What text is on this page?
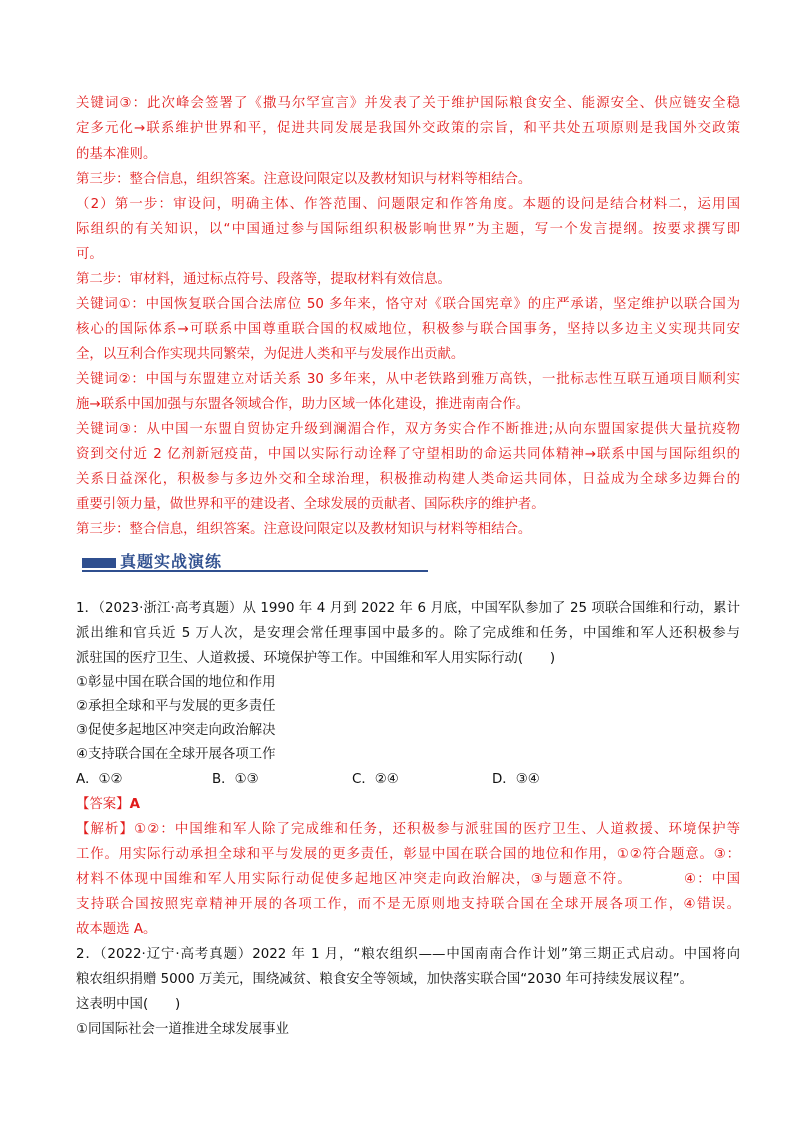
关键词③：此次峰会签署了《撒马尔罕宣言》并发表了关于维护国际粮食安全、能源安全、供应链安全稳
定多元化→联系维护世界和平，促进共同发展是我国外交政策的宗旨，和平共处五项原则是我国外交政策
的基本准则。
第三步：整合信息，组织答案。注意设问限定以及教材知识与材料等相结合。
（2）第一步：审设问，明确主体、作答范围、问题限定和作答角度。本题的设问是结合材料二，运用国
际组织的有关知识，以“中国通过参与国际组织积极影响世界”为主题，写一个发言提纲。按要求撰写即
可。
第二步：审材料，通过标点符号、段落等，提取材料有效信息。
关键词①：中国恢复联合国合法席位 50 多年来，恪守对《联合国宪章》的庄严承诺，坚定维护以联合国为
核心的国际体系→可联系中国尊重联合国的权威地位，积极参与联合国事务，坚持以多边主义实现共同安
全，以互利合作实现共同繁荣，为促进人类和平与发展作出贡献。
关键词②：中国与东盟建立对话关系 30 多年来，从中老铁路到雅万高铁，一批标志性互联互通项目顺利实
施→联系中国加强与东盟各领域合作，助力区域一体化建设，推进南南合作。
关键词③：从中国一东盟自贸协定升级到澜湄合作，双方务实合作不断推进;从向东盟国家提供大量抗疫物
资到交付近 2 亿剂新冠疫苗，中国以实际行动诠释了守望相助的命运共同体精神→联系中国与国际组织的
关系日益深化，积极参与多边外交和全球治理，积极推动构建人类命运共同体，日益成为全球多边舞台的
重要引领力量，做世界和平的建设者、全球发展的贡献者、国际秩序的维护者。
第三步：整合信息，组织答案。注意设问限定以及教材知识与材料等相结合。
真题实战演练
1．（2023·浙江·高考真题）从 1990 年 4 月到 2022 年 6 月底，中国军队参加了 25 项联合国维和行动，累计
派出维和官兵近 5 万人次，是安理会常任理事国中最多的。除了完成维和任务，中国维和军人还积极参与
派驻国的医疗卫生、人道救援、环境保护等工作。中国维和军人用实际行动(　　)
①彰显中国在联合国的地位和作用
②承担全球和平与发展的更多责任
③促使多起地区冲突走向政治解决
④支持联合国在全球开展各项工作
A．①②	B．①③	C．②④	D．③④
【答案】A
【解析】①②：中国维和军人除了完成维和任务，还积极参与派驻国的医疗卫生、人道救援、环境保护等
工作。用实际行动承担全球和平与发展的更多责任，彰显中国在联合国的地位和作用，①②符合题意。③：
材料不体现中国维和军人用实际行动促使多起地区冲突走向政治解决，③与题意不符。　　　　④：中国
支持联合国按照宪章精神开展的各项工作，而不是无原则地支持联合国在全球开展各项工作，④错误。
故本题选 A。
2．（2022·辽宁·高考真题）2022 年 1 月，“粮农组织——中国南南合作计划”第三期正式启动。中国将向
粮农组织捐赠 5000 万美元，围绕减贫、粮食安全等领域，加快落实联合国“2030 年可持续发展议程”。
这表明中国(　　)
①同国际社会一道推进全球发展事业
